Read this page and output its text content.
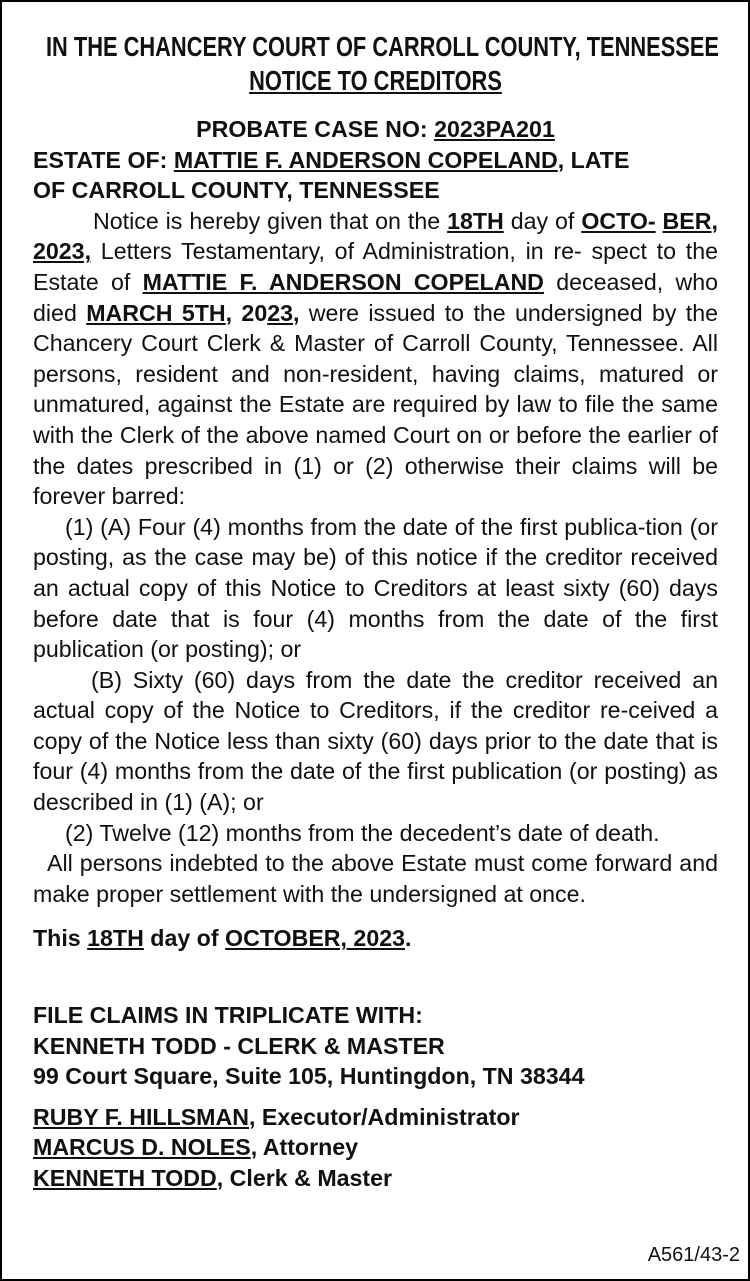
IN THE CHANCERY COURT OF CARROLL COUNTY, TENNESSEE
NOTICE TO CREDITORS
PROBATE CASE NO: 2023PA201
ESTATE OF: MATTIE F. ANDERSON COPELAND, LATE
OF CARROLL COUNTY, TENNESSEE
Notice is hereby given that on the 18TH day of OCTO- BER, 2023, Letters Testamentary, of Administration, in re- spect to the Estate of MATTIE F. ANDERSON COPELAND deceased, who died MARCH 5TH, 2023, were issued to the undersigned by the Chancery Court Clerk & Master of Carroll County, Tennessee. All persons, resident and non-resident, having claims, matured or unmatured, against the Estate are required by law to file the same with the Clerk of the above named Court on or before the earlier of the dates prescribed in (1) or (2) otherwise their claims will be forever barred:
(1) (A) Four (4) months from the date of the first publica-tion (or posting, as the case may be) of this notice if the creditor received an actual copy of this Notice to Creditors at least sixty (60) days before date that is four (4) months from the date of the first publication (or posting); or
(B) Sixty (60) days from the date the creditor received an actual copy of the Notice to Creditors, if the creditor re-ceived a copy of the Notice less than sixty (60) days prior to the date that is four (4) months from the date of the first publication (or posting) as described in (1) (A); or
(2) Twelve (12) months from the decedent’s date of death.
All persons indebted to the above Estate must come forward and make proper settlement with the undersigned at once.
This 18TH day of OCTOBER, 2023.
FILE CLAIMS IN TRIPLICATE WITH:
KENNETH TODD - CLERK & MASTER
99 Court Square, Suite 105, Huntingdon, TN 38344
RUBY F. HILLSMAN, Executor/Administrator
MARCUS D. NOLES, Attorney
KENNETH TODD, Clerk & Master
A561/43-2
